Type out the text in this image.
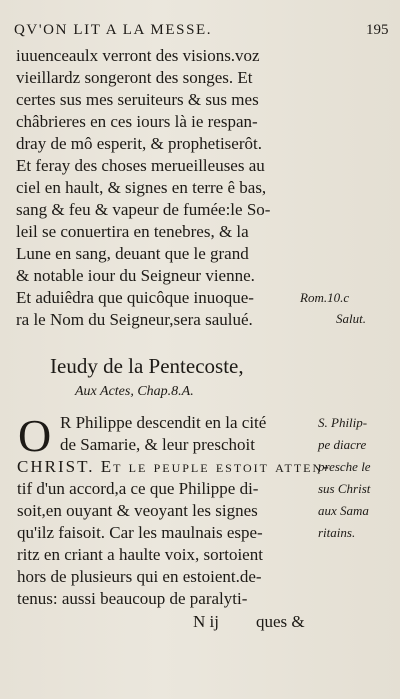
QV'ON LIT A LA MESSE.	195
iuuenceaulx verront des visions.voz
vieillardz songeront des songes. Et
certes sus mes seruiteurs & sus mes
châbrieres en ces iours là ie respan-
dray de mô esperit, & prophetiserôt.
Et feray des choses merueilleuses au
ciel en hault, & signes en terre ê bas,
sang & feu & vapeur de fumée:le So-
leil se conuertira en tenebres, & la
Lune en sang, deuant que le grand
& notable iour du Seigneur vienne.
Et aduiêdra que quicôque inuoque-
ra le Nom du Seigneur,sera saulué.
Rom.10.c
Salut.
Ieudy de la Pentecoste,
Aux Actes, Chap.8.A.
O R Philippe descendit en la cité
de Samarie, & leur preschoit
CHRIST. Et le peuple estoit atten-
tif d'un accord,a ce que Philippe di-
soit,en ouyant & veoyant les signes
qu'ilz faisoit. Car les maulnais espe-
ritz en criant a haulte voix, sortoient
hors de plusieurs qui en estoient.de-
tenus: aussi beaucoup de paralyti-
S. Philip-
pe diacre
presche le
sus Christ
aux Sama
ritains.
N ij ques &
